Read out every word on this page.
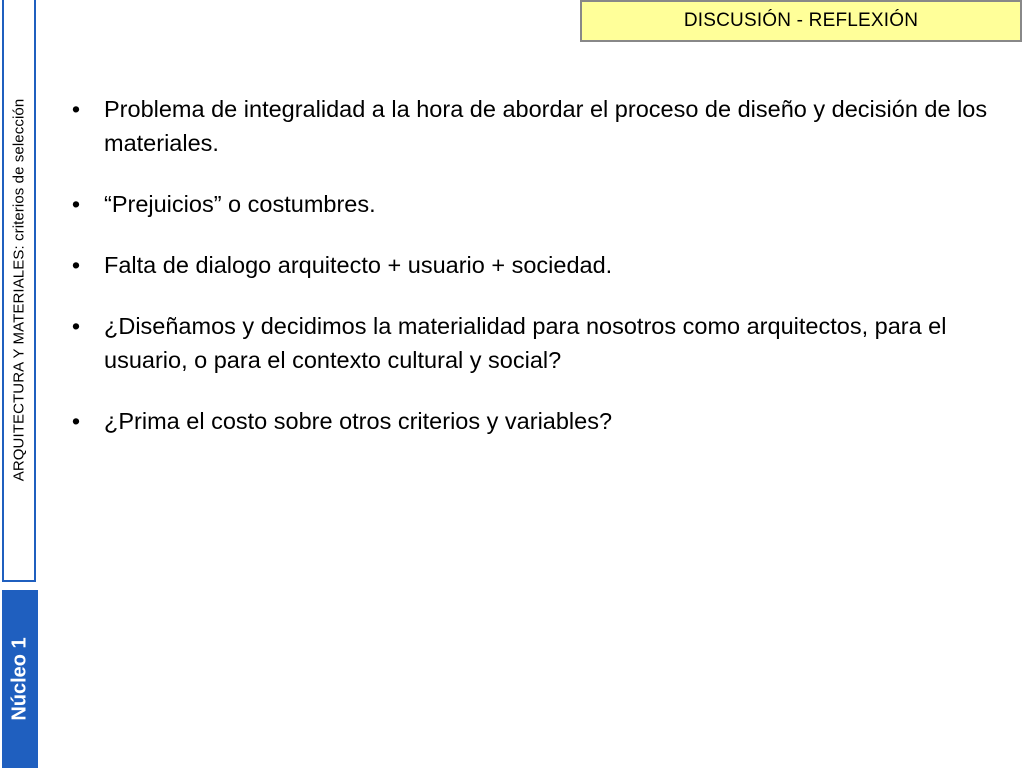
ARQUITECTURA Y MATERIALES: criterios de selección
Núcleo 1
DISCUSIÓN - REFLEXIÓN
• Problema de integralidad a la hora de abordar el proceso de diseño y decisión de los materiales.
• “Prejuicios” o costumbres.
• Falta de dialogo arquitecto + usuario + sociedad.
• ¿Diseñamos y decidimos la materialidad para nosotros como arquitectos, para el usuario, o para el contexto cultural y social?
• ¿Prima el costo sobre otros criterios y variables?
